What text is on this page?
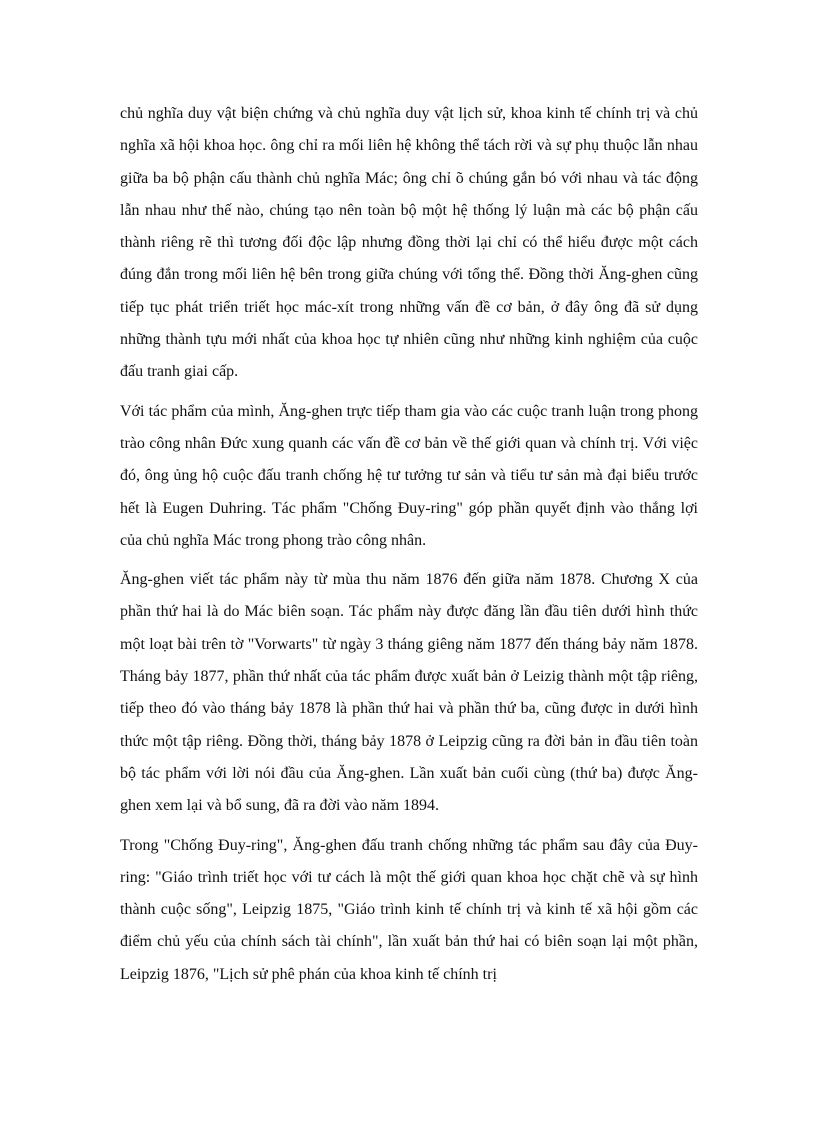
chủ nghĩa duy vật biện chứng và chủ nghĩa duy vật lịch sử, khoa kinh tế chính trị và chủ nghĩa xã hội khoa học. ông chỉ ra mối liên hệ không thể tách rời và sự phụ thuộc lẫn nhau giữa ba bộ phận cấu thành chủ nghĩa Mác; ông chỉ õ chúng gắn bó với nhau và tác động lẫn nhau như thế nào, chúng tạo nên toàn bộ một hệ thống lý luận mà các bộ phận cấu thành riêng rẽ thì tương đối độc lập nhưng đồng thời lại chỉ có thể hiểu được một cách đúng đắn trong mối liên hệ bên trong giữa chúng với tổng thể. Đồng thời Ăng-ghen cũng tiếp tục phát triển triết học mác-xít trong những vấn đề cơ bản, ở đây ông đã sử dụng những thành tựu mới nhất của khoa học tự nhiên cũng như những kinh nghiệm của cuộc đấu tranh giai cấp.

Với tác phẩm của mình, Ăng-ghen trực tiếp tham gia vào các cuộc tranh luận trong phong trào công nhân Đức xung quanh các vấn đề cơ bản về thế giới quan và chính trị. Với việc đó, ông ủng hộ cuộc đấu tranh chống hệ tư tưởng tư sản và tiểu tư sản mà đại biểu trước hết là Eugen Duhring. Tác phẩm "Chống Đuy-ring" góp phần quyết định vào thắng lợi của chủ nghĩa Mác trong phong trào công nhân.

Ăng-ghen viết tác phẩm này từ mùa thu năm 1876 đến giữa năm 1878. Chương X của phần thứ hai là do Mác biên soạn. Tác phẩm này được đăng lần đầu tiên dưới hình thức một loạt bài trên tờ "Vorwarts" từ ngày 3 tháng giêng năm 1877 đến tháng bảy năm 1878. Tháng bảy 1877, phần thứ nhất của tác phẩm được xuất bản ở Leizig thành một tập riêng, tiếp theo đó vào tháng bảy 1878 là phần thứ hai và phần thứ ba, cũng được in dưới hình thức một tập riêng. Đồng thời, tháng bảy 1878 ở Leipzig cũng ra đời bản in đầu tiên toàn bộ tác phẩm với lời nói đầu của Ăng-ghen. Lần xuất bản cuối cùng (thứ ba) được Ăng-ghen xem lại và bổ sung, đã ra đời vào năm 1894.

Trong "Chống Đuy-ring", Ăng-ghen đấu tranh chống những tác phẩm sau đây của Đuy-ring: "Giáo trình triết học với tư cách là một thế giới quan khoa học chặt chẽ và sự hình thành cuộc sống", Leipzig 1875, "Giáo trình kinh tế chính trị và kinh tế xã hội gồm các điểm chủ yếu của chính sách tài chính", lần xuất bản thứ hai có biên soạn lại một phần, Leipzig 1876, "Lịch sử phê phán của khoa kinh tế chính trị
